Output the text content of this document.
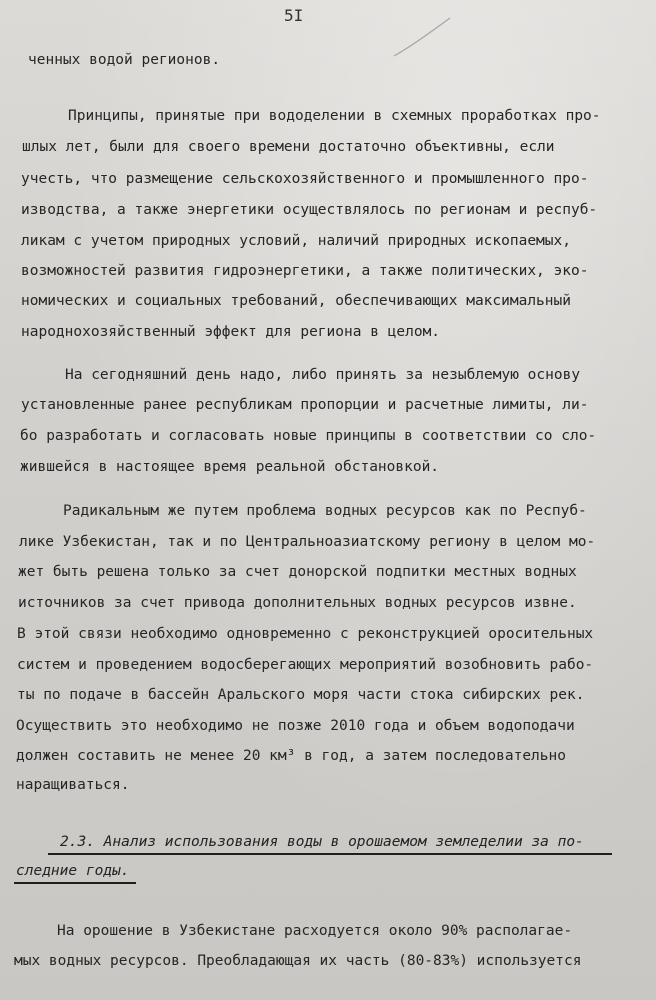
5I
ченных водой регионов.
Принципы, принятые при вододелении в схемных проработках про-
шлых лет, были для своего времени достаточно объективны, если
учесть, что размещение сельскохозяйственного и промышленного про-
изводства, а также энергетики осуществлялось по регионам и респуб-
ликам с учетом природных условий, наличий природных ископаемых,
возможностей развития гидроэнергетики, а также политических, эко-
номических и социальных требований, обеспечивающих максимальный
народнохозяйственный эффект для региона в целом.
На сегодняшний день надо, либо принять за незыблемую основу
установленные ранее республикам пропорции и расчетные лимиты, ли-
бо разработать и согласовать новые принципы в соответствии со сло-
жившейся в настоящее время реальной обстановкой.
Радикальным же путем проблема водных ресурсов как по Респуб-
лике Узбекистан, так и по Центральноазиатскому региону в целом мо-
жет быть решена только за счет донорской подпитки местных водных
источников за счет привода дополнительных водных ресурсов извне.
В этой связи необходимо одновременно с реконструкцией оросительных
систем и проведением водосберегающих мероприятий возобновить рабо-
ты по подаче в бассейн Аральского моря части стока сибирских рек.
Осуществить это необходимо не позже 2010 года и объем водоподачи
должен составить не менее 20 км³ в год, а затем последовательно
наращиваться.
2.3. Анализ использования воды в орошаемом земледелии за по-
следние годы.
На орошение в Узбекистане расходуется около 90% располагае-
мых водных ресурсов. Преобладающая их часть (80-83%) используется
